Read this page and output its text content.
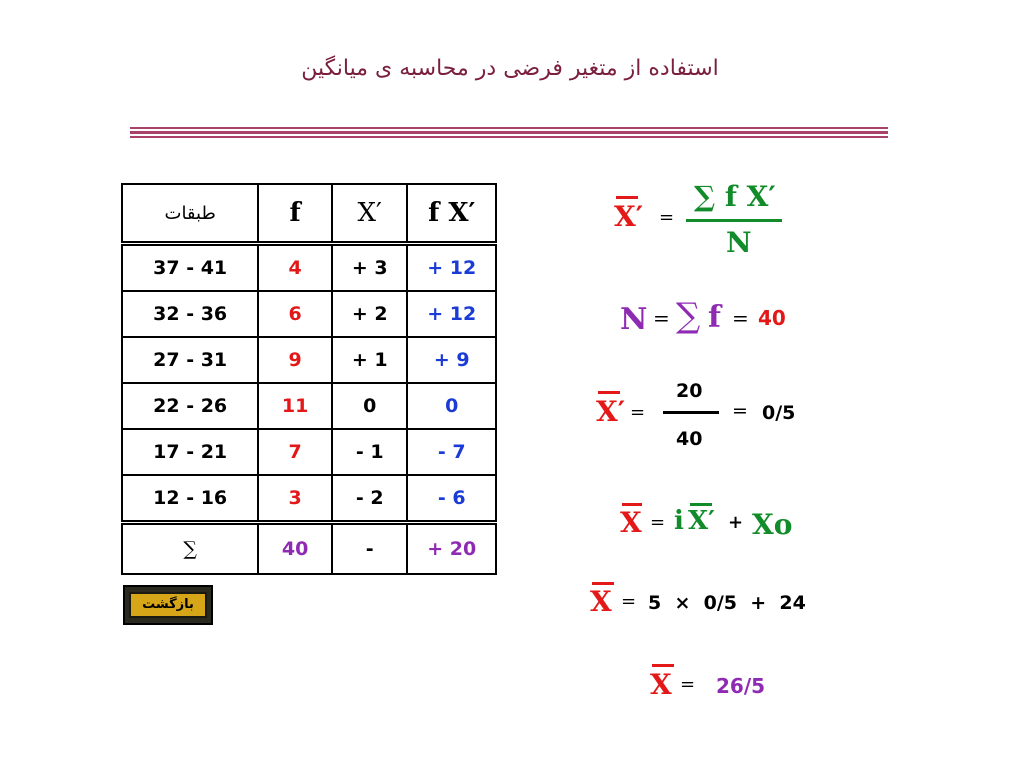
استفاده از متغیر فرضی در محاسبه ی میانگین
طبقات	f	X′	f X′
37 - 41	4	+ 3	+ 12
32 - 36	6	+ 2	+ 12
27 - 31	9	+ 1	+ 9
22 - 26	11	0	0
17 - 21	7	- 1	- 7
12 - 16	3	- 2	- 6
∑	40	-	+ 20
بازگشت
X′ =
∑ f X′
N
N = ∑ f = 40
X′ =
20
40
= 0/5
X = i X′ + Xo
X = 5  ×  0/5  +  24
X = 26/5
